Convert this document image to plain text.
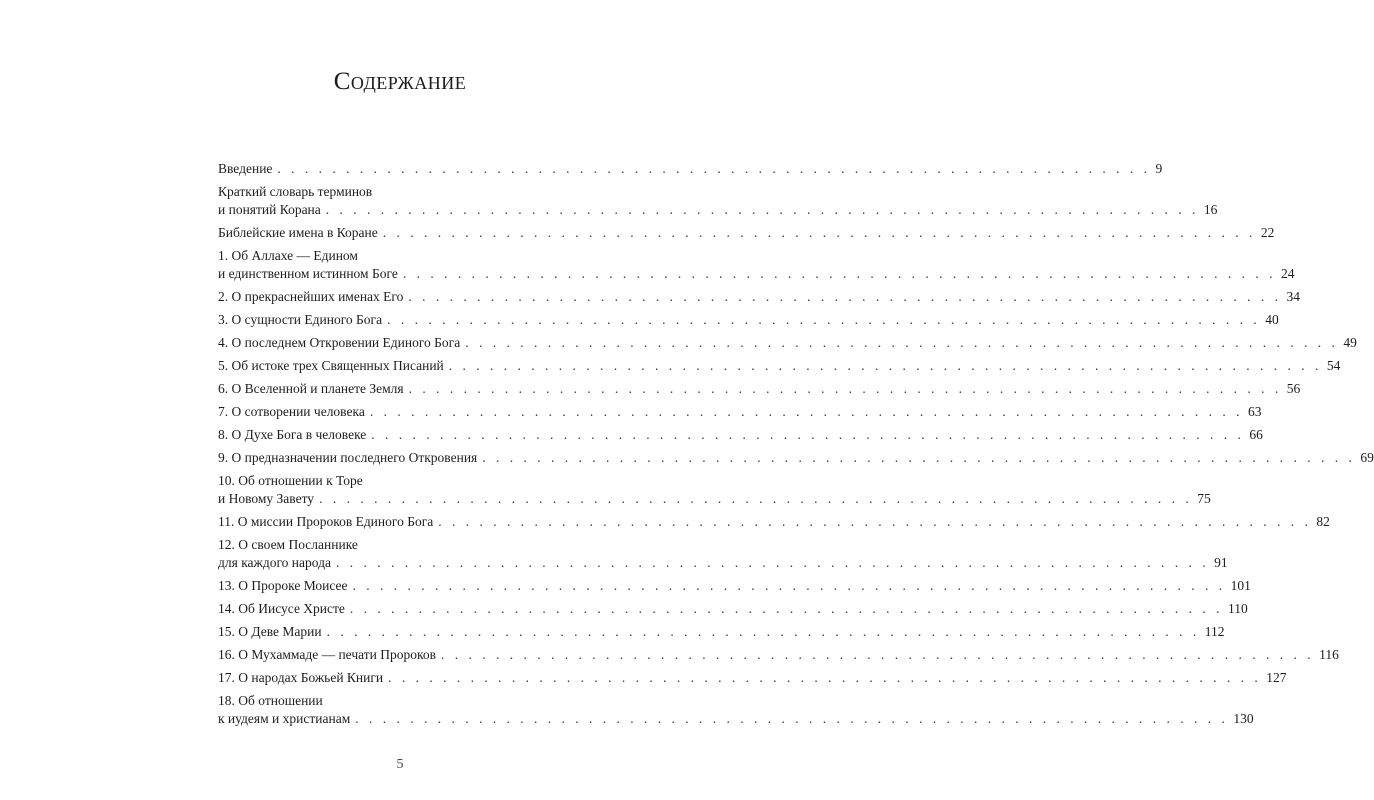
Содержание
Введение . . . . . . . . . . . . . . . . . . . . . . . . . . . . . . . . . . . . . . . . . . . . . . . . . . . . . . . . . . . . . . . . 9
Краткий словарь терминов
и понятий Корана . . . . . . . . . . . . . . . . . . . . . . . . . . . . . . . . . . . . . . . . . . . . . . . . . . . . . . . . . . . . . . . . 16
Библейские имена в Коране . . . . . . . . . . . . . . . . . . . . . . . . . . . . . . . . . . . . . . . . . . . . . . . . . . . . . . . . . . . . . . . . 22
1. Об Аллахе — Едином
и единственном истинном Боге . . . . . . . . . . . . . . . . . . . . . . . . . . . . . . . . . . . . . . . . . . . . . . . . . . . . . . . . . . . . . . . . 24
2. О прекраснейших именах Его . . . . . . . . . . . . . . . . . . . . . . . . . . . . . . . . . . . . . . . . . . . . . . . . . . . . . . . . . . . . . . . . 34
3. О сущности Единого Бога . . . . . . . . . . . . . . . . . . . . . . . . . . . . . . . . . . . . . . . . . . . . . . . . . . . . . . . . . . . . . . . . 40
4. О последнем Откровении Единого Бога . . . . . . . . . . . . . . . . . . . . . . . . . . . . . . . . . . . . . . . . . . . . . . . . . . . . . . . . . . . . . . . . 49
5. Об истоке трех Священных Писаний . . . . . . . . . . . . . . . . . . . . . . . . . . . . . . . . . . . . . . . . . . . . . . . . . . . . . . . . . . . . . . . . 54
6. О Вселенной и планете Земля . . . . . . . . . . . . . . . . . . . . . . . . . . . . . . . . . . . . . . . . . . . . . . . . . . . . . . . . . . . . . . . . 56
7. О сотворении человека . . . . . . . . . . . . . . . . . . . . . . . . . . . . . . . . . . . . . . . . . . . . . . . . . . . . . . . . . . . . . . . . 63
8. О Духе Бога в человеке . . . . . . . . . . . . . . . . . . . . . . . . . . . . . . . . . . . . . . . . . . . . . . . . . . . . . . . . . . . . . . . . 66
9. О предназначении последнего Откровения . . . . . . . . . . . . . . . . . . . . . . . . . . . . . . . . . . . . . . . . . . . . . . . . . . . . . . . . . . . . . . . . 69
10. Об отношении к Торе
и Новому Завету . . . . . . . . . . . . . . . . . . . . . . . . . . . . . . . . . . . . . . . . . . . . . . . . . . . . . . . . . . . . . . . . 75
11. О миссии Пророков Единого Бога . . . . . . . . . . . . . . . . . . . . . . . . . . . . . . . . . . . . . . . . . . . . . . . . . . . . . . . . . . . . . . . . 82
12. О своем Посланнике
для каждого народа . . . . . . . . . . . . . . . . . . . . . . . . . . . . . . . . . . . . . . . . . . . . . . . . . . . . . . . . . . . . . . . . 91
13. О Пророке Моисее . . . . . . . . . . . . . . . . . . . . . . . . . . . . . . . . . . . . . . . . . . . . . . . . . . . . . . . . . . . . . . . . 101
14. Об Иисусе Христе . . . . . . . . . . . . . . . . . . . . . . . . . . . . . . . . . . . . . . . . . . . . . . . . . . . . . . . . . . . . . . . . 110
15. О Деве Марии . . . . . . . . . . . . . . . . . . . . . . . . . . . . . . . . . . . . . . . . . . . . . . . . . . . . . . . . . . . . . . . . 112
16. О Мухаммаде — печати Пророков . . . . . . . . . . . . . . . . . . . . . . . . . . . . . . . . . . . . . . . . . . . . . . . . . . . . . . . . . . . . . . . . 116
17. О народах Божьей Книги . . . . . . . . . . . . . . . . . . . . . . . . . . . . . . . . . . . . . . . . . . . . . . . . . . . . . . . . . . . . . . . . 127
18. Об отношении
к иудеям и христианам . . . . . . . . . . . . . . . . . . . . . . . . . . . . . . . . . . . . . . . . . . . . . . . . . . . . . . . . . . . . . . . . 130
5
